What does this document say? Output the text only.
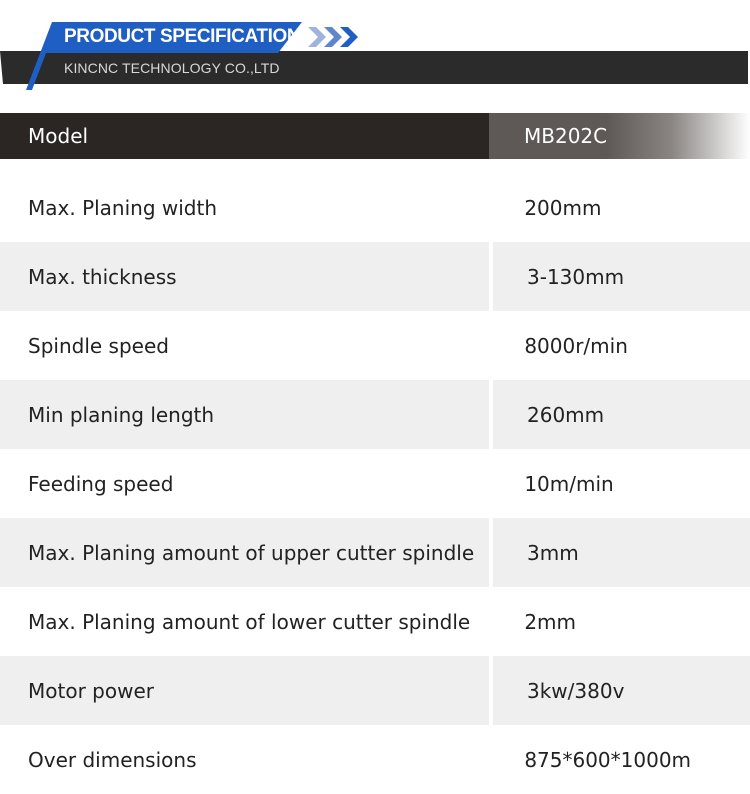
PRODUCT SPECIFICATION
KINCNC TECHNOLOGY CO.,LTD
Model	MB202C
Max. Planing width	200mm
Max. thickness	3-130mm
Spindle speed	8000r/min
Min planing length	260mm
Feeding speed	10m/min
Max. Planing amount of upper cutter spindle	3mm
Max. Planing amount of lower cutter spindle	2mm
Motor power	3kw/380v
Over dimensions	875*600*1000m
